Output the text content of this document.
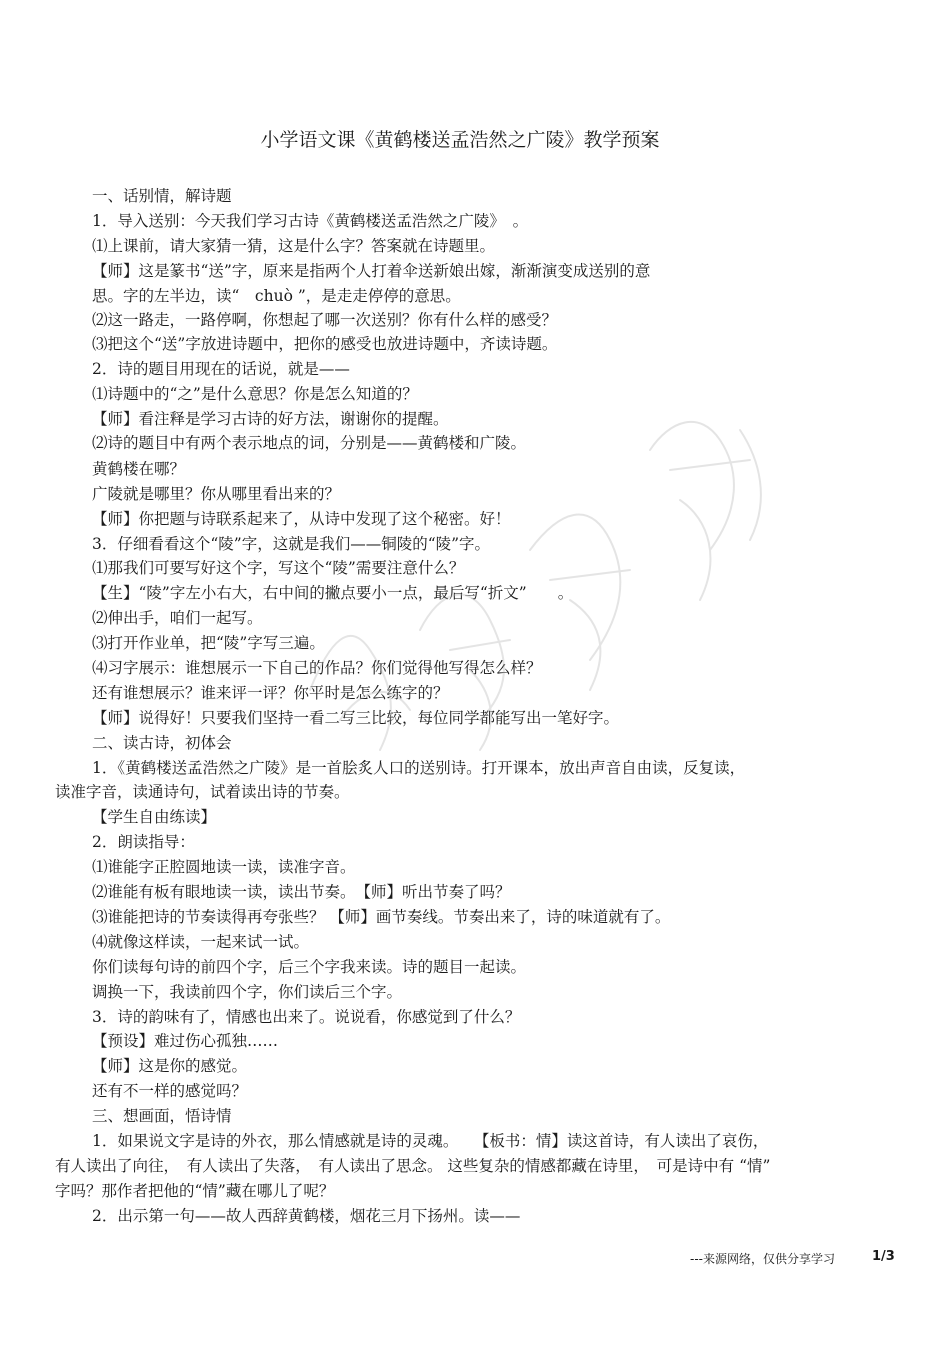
小学语文课《黄鹤楼送孟浩然之广陵》教学预案
一、话别情，解诗题
1．导入送别：今天我们学习古诗《黄鹤楼送孟浩然之广陵》　。
⑴上课前，请大家猜一猜，这是什么字？答案就在诗题里。
【师】这是篆书“送”字，原来是指两个人打着伞送新娘出嫁，渐渐演变成送别的意
思。字的左半边，读“　chuò ”，是走走停停的意思。
⑵这一路走，一路停啊，你想起了哪一次送别？你有什么样的感受？
⑶把这个“送”字放进诗题中，把你的感受也放进诗题中，齐读诗题。
2．诗的题目用现在的话说，就是——
⑴诗题中的“之”是什么意思？你是怎么知道的？
【师】看注释是学习古诗的好方法，谢谢你的提醒。
⑵诗的题目中有两个表示地点的词，分别是——黄鹤楼和广陵。
黄鹤楼在哪？
广陵就是哪里？你从哪里看出来的？
【师】你把题与诗联系起来了，从诗中发现了这个秘密。好！
3．仔细看看这个“陵”字，这就是我们——铜陵的“陵”字。
⑴那我们可要写好这个字，写这个“陵”需要注意什么？
【生】“陵”字左小右大，右中间的撇点要小一点，最后写“折文”　　。
⑵伸出手，咱们一起写。
⑶打开作业单，把“陵”字写三遍。
⑷习字展示：谁想展示一下自己的作品？你们觉得他写得怎么样？
还有谁想展示？谁来评一评？你平时是怎么练字的？
【师】说得好！只要我们坚持一看二写三比较，每位同学都能写出一笔好字。
二、读古诗，初体会
1．《黄鹤楼送孟浩然之广陵》是一首脍炙人口的送别诗。打开课本，放出声音自由读，反复读，
读准字音，读通诗句，试着读出诗的节奏。
【学生自由练读】
2．朗读指导：
⑴谁能字正腔圆地读一读，读准字音。
⑵谁能有板有眼地读一读，读出节奏。　【师】听出节奏了吗？
⑶谁能把诗的节奏读得再夸张些？ 【师】画节奏线。节奏出来了，诗的味道就有了。
⑷就像这样读，一起来试一试。
你们读每句诗的前四个字，后三个字我来读。诗的题目一起读。
调换一下，我读前四个字，你们读后三个字。
3．诗的韵味有了，情感也出来了。说说看，你感觉到了什么？
【预设】难过伤心孤独……
【师】这是你的感觉。
还有不一样的感觉吗？
三、想画面，悟诗情
1．如果说文字是诗的外衣，那么情感就是诗的灵魂。　　【板书：情】读这首诗，有人读出了哀伤，
有人读出了向往，　有人读出了失落，　有人读出了思念。 这些复杂的情感都藏在诗里，　可是诗中有 “情”
字吗？那作者把他的“情”藏在哪儿了呢？
2．出示第一句——故人西辞黄鹤楼，烟花三月下扬州。读——
---来源网络，仅供分享学习	1/3
